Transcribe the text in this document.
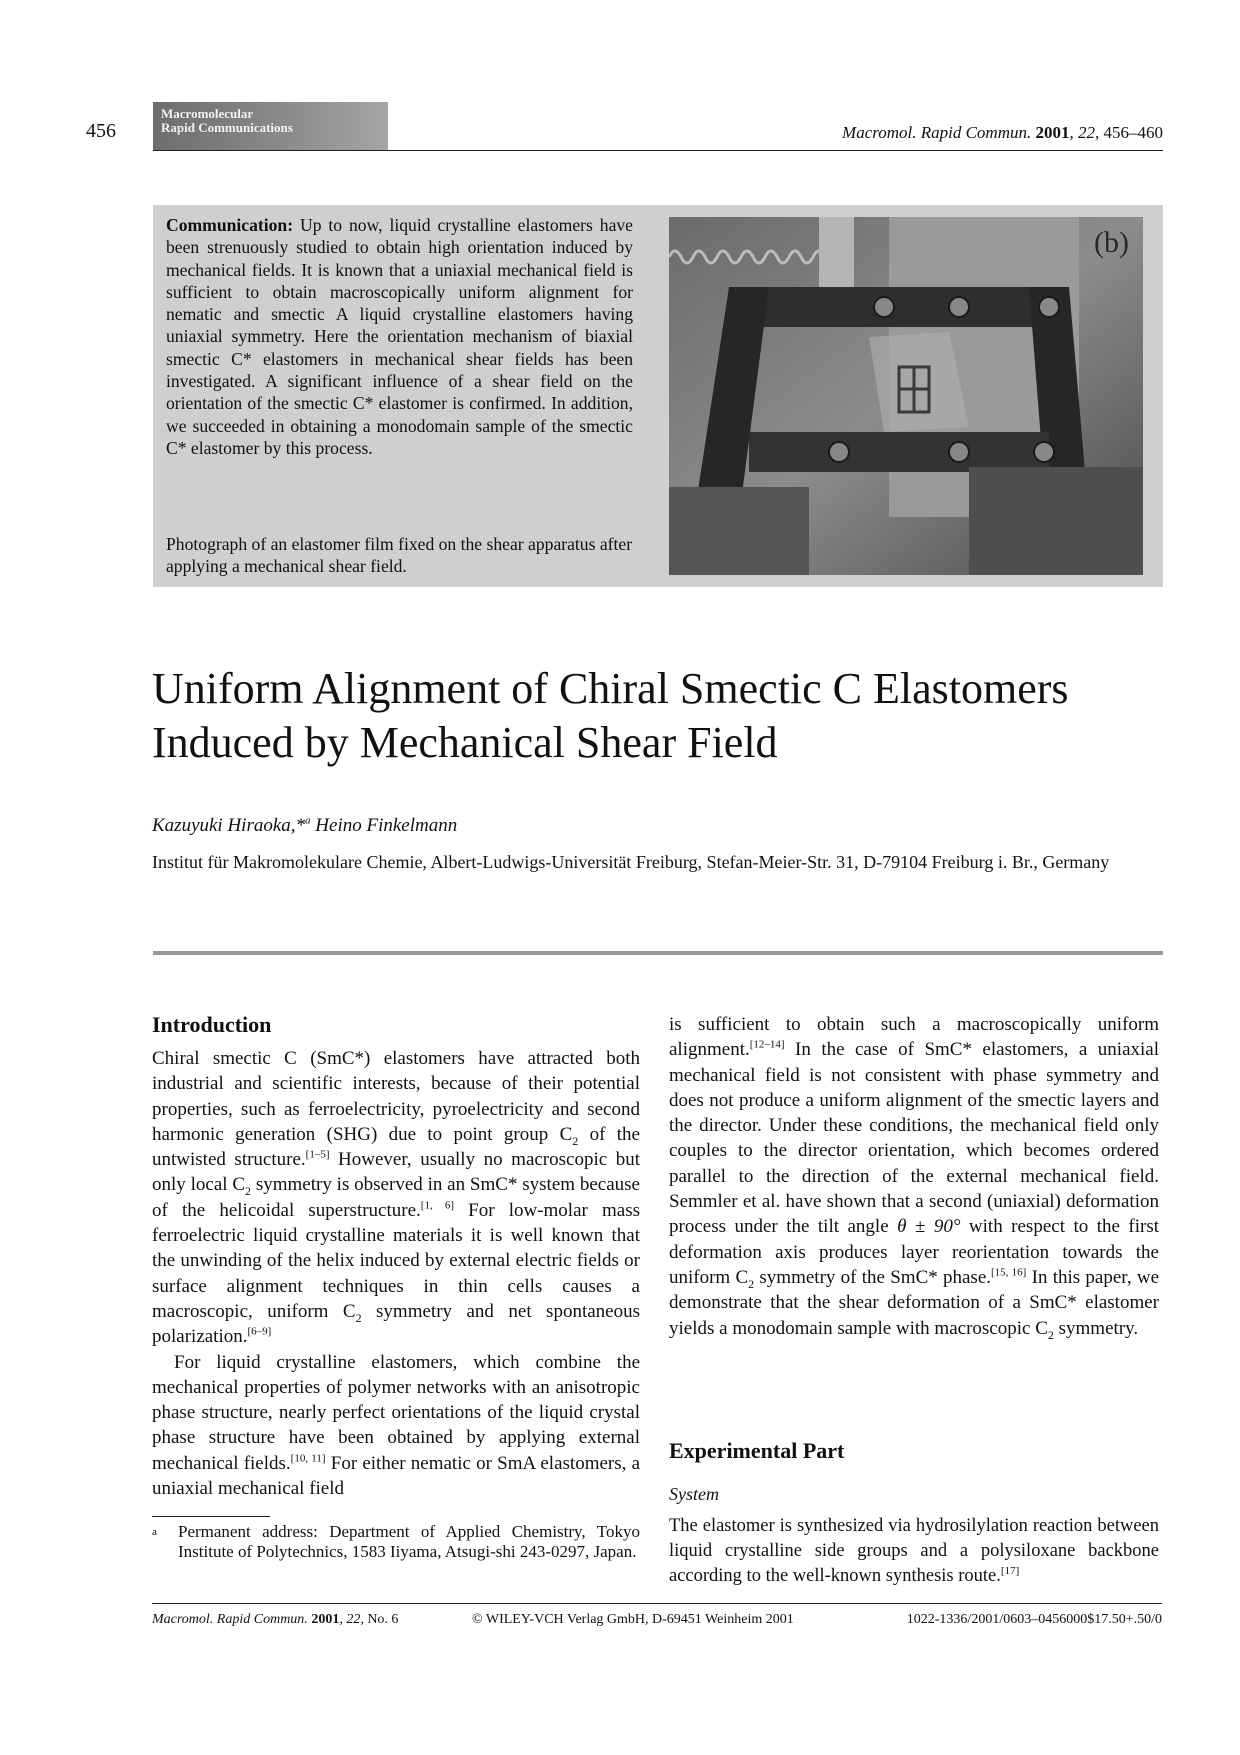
456
Macromolecular
Rapid Communications	Macromol. Rapid Commun. 2001, 22, 456–460
Communication: Up to now, liquid crystalline elastomers have been strenuously studied to obtain high orientation induced by mechanical fields. It is known that a uniaxial mechanical field is sufficient to obtain macroscopically uniform alignment for nematic and smectic A liquid crystalline elastomers having uniaxial symmetry. Here the orientation mechanism of biaxial smectic C* elastomers in mechanical shear fields has been investigated. A significant influence of a shear field on the orientation of the smectic C* elastomer is confirmed. In addition, we succeeded in obtaining a monodomain sample of the smectic C* elastomer by this process.
Photograph of an elastomer film fixed on the shear apparatus after applying a mechanical shear field.
(b)
Uniform Alignment of Chiral Smectic C Elastomers Induced by Mechanical Shear Field
Kazuyuki Hiraoka,*$^a$ Heino Finkelmann
Institut für Makromolekulare Chemie, Albert-Ludwigs-Universität Freiburg, Stefan-Meier-Str. 31, D-79104 Freiburg i. Br., Germany
Introduction

Chiral smectic C (SmC*) elastomers have attracted both industrial and scientific interests, because of their potential properties, such as ferroelectricity, pyroelectricity and second harmonic generation (SHG) due to point group $C_2$ of the untwisted structure.[1–5] However, usually no macroscopic but only local $C_2$ symmetry is observed in an SmC* system because of the helicoidal superstructure.[1, 6] For low-molar mass ferroelectric liquid crystalline materials it is well known that the unwinding of the helix induced by external electric fields or surface alignment techniques in thin cells causes a macroscopic, uniform $C_2$ symmetry and net spontaneous polarization.[6–9]

For liquid crystalline elastomers, which combine the mechanical properties of polymer networks with an anisotropic phase structure, nearly perfect orientations of the liquid crystal phase structure have been obtained by applying external mechanical fields.[10, 11] For either nematic or SmA elastomers, a uniaxial mechanical field

a	Permanent address: Department of Applied Chemistry, Tokyo Institute of Polytechnics, 1583 Iiyama, Atsugi-shi 243-0297, Japan.

is sufficient to obtain such a macroscopically uniform alignment.[12–14] In the case of SmC* elastomers, a uniaxial mechanical field is not consistent with phase symmetry and does not produce a uniform alignment of the smectic layers and the director. Under these conditions, the mechanical field only couples to the director orientation, which becomes ordered parallel to the direction of the external mechanical field. Semmler et al. have shown that a second (uniaxial) deformation process under the tilt angle θ ± 90° with respect to the first deformation axis produces layer reorientation towards the uniform $C_2$ symmetry of the SmC* phase.[15, 16] In this paper, we demonstrate that the shear deformation of a SmC* elastomer yields a monodomain sample with macroscopic $C_2$ symmetry.

Experimental Part
System
The elastomer is synthesized via hydrosilylation reaction between liquid crystalline side groups and a polysiloxane backbone according to the well-known synthesis route.[17]
Macromol. Rapid Commun. 2001, 22, No. 6	© WILEY-VCH Verlag GmbH, D-69451 Weinheim 2001	1022-1336/2001/0603–0456000$17.50+.50/0
